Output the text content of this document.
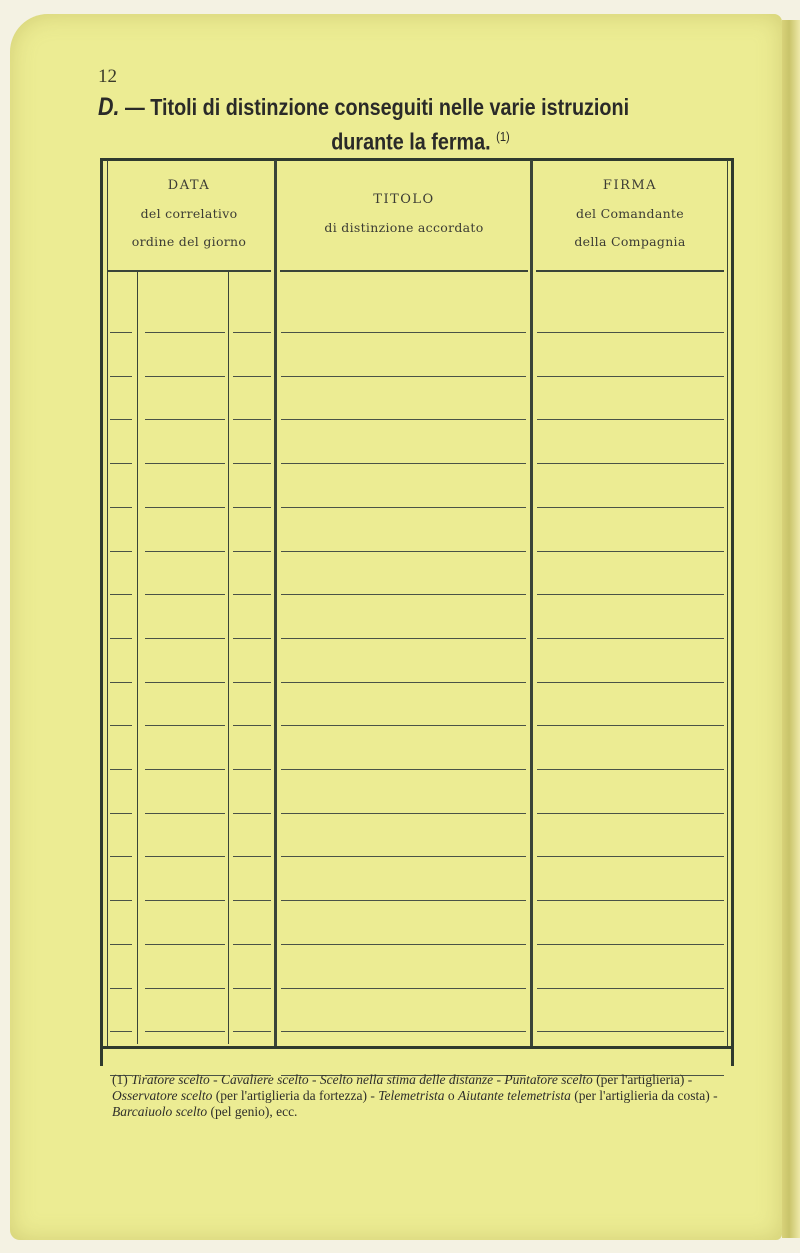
12
D. — Titoli di distinzione conseguiti nelle varie istruzioni
durante la ferma. $^{(1)}$
DATA
del correlativo
ordine del giorno
TITOLO
di distinzione accordato
FIRMA
del Comandante
della Compagnia
(1) Tiratore scelto - Cavaliere scelto - Scelto nella stima delle distanze - Puntatore scelto (per l'artiglieria) - Osservatore scelto (per l'artiglieria da fortezza) - Telemetrista o Aiutante telemetrista (per l'artiglieria da costa) - Barcaiuolo scelto (pel genio), ecc.
